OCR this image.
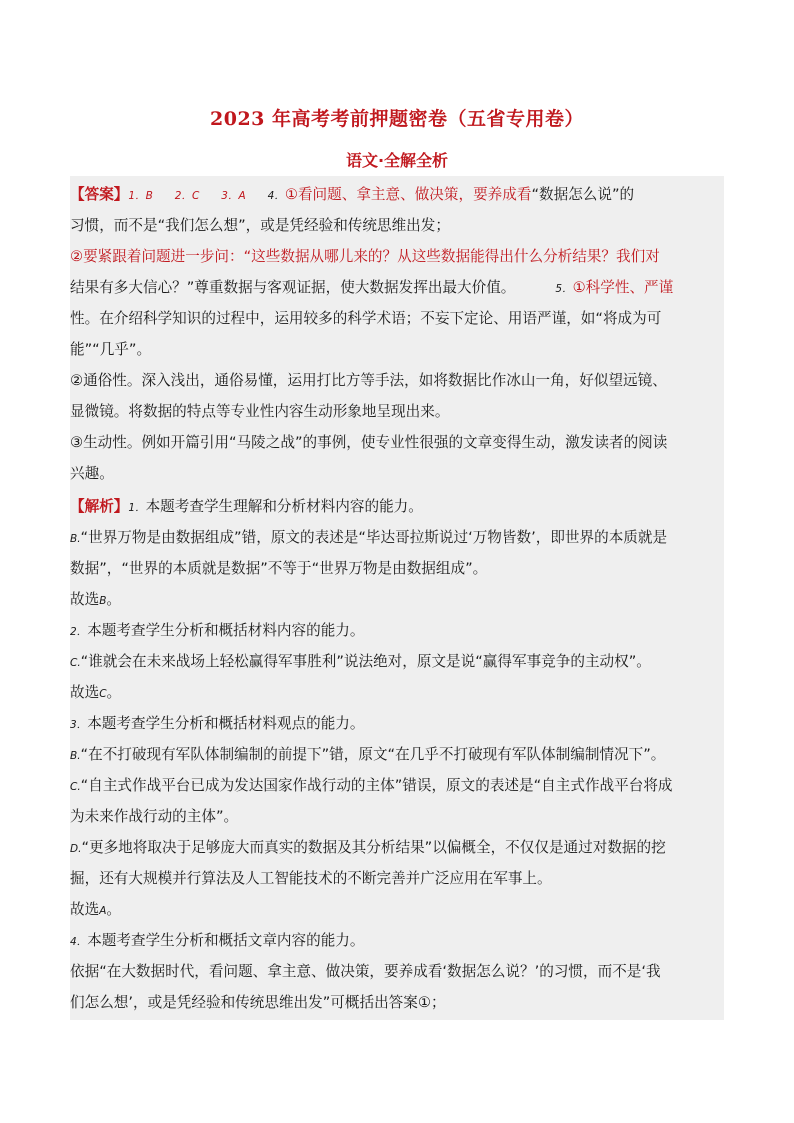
2023 年高考考前押题密卷（五省专用卷）
语文·全解全析
【答案】1．B 2．C 3．A 4．①看问题、拿主意、做决策，要养成看“数据怎么说”的
习惯，而不是“我们怎么想”，或是凭经验和传统思维出发；
②要紧跟着问题进一步问：“这些数据从哪儿来的？从这些数据能得出什么分析结果？我们对
结果有多大信心？”尊重数据与客观证据，使大数据发挥出最大价值。	5．①科学性、严谨
性。在介绍科学知识的过程中，运用较多的科学术语；不妄下定论、用语严谨，如“将成为可
能”“几乎”。
②通俗性。深入浅出，通俗易懂，运用打比方等手法，如将数据比作冰山一角，好似望远镜、
显微镜。将数据的特点等专业性内容生动形象地呈现出来。
③生动性。例如开篇引用“马陵之战”的事例，使专业性很强的文章变得生动，激发读者的阅读
兴趣。
【解析】1．本题考查学生理解和分析材料内容的能力。
B.“世界万物是由数据组成”错，原文的表述是“毕达哥拉斯说过‘万物皆数’，即世界的本质就是
数据”，“世界的本质就是数据”不等于“世界万物是由数据组成”。
故选B。
2．本题考查学生分析和概括材料内容的能力。
C.“谁就会在未来战场上轻松赢得军事胜利”说法绝对，原文是说“赢得军事竞争的主动权”。
故选C。
3．本题考查学生分析和概括材料观点的能力。
B.“在不打破现有军队体制编制的前提下”错，原文“在几乎不打破现有军队体制编制情况下”。
C.“自主式作战平台已成为发达国家作战行动的主体”错误，原文的表述是“自主式作战平台将成
为未来作战行动的主体”。
D.“更多地将取决于足够庞大而真实的数据及其分析结果”以偏概全，不仅仅是通过对数据的挖
掘，还有大规模并行算法及人工智能技术的不断完善并广泛应用在军事上。
故选A。
4．本题考查学生分析和概括文章内容的能力。
依据“在大数据时代，看问题、拿主意、做决策，要养成看‘数据怎么说？’的习惯，而不是‘我
们怎么想’，或是凭经验和传统思维出发”可概括出答案①；
